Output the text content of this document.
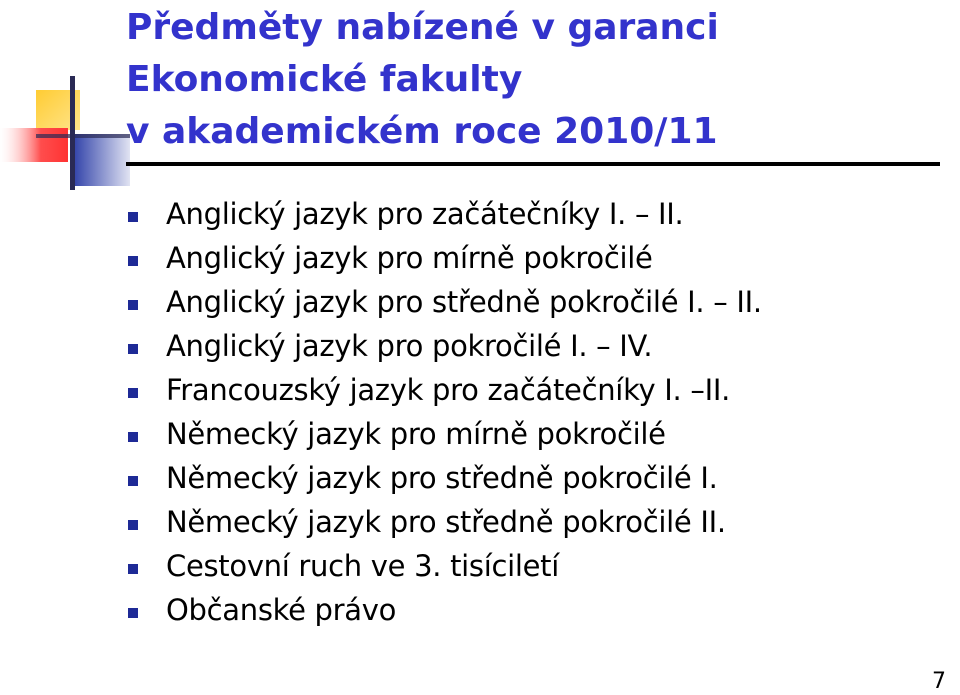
Předměty nabízené v garanci
Ekonomické fakulty
v akademickém roce 2010/11
Anglický jazyk pro začátečníky I. – II.
Anglický jazyk pro mírně pokročilé
Anglický jazyk pro středně pokročilé I. – II.
Anglický jazyk pro pokročilé I. – IV.
Francouzský jazyk pro začátečníky I. –II.
Německý jazyk pro mírně pokročilé
Německý jazyk pro středně pokročilé I.
Německý jazyk pro středně pokročilé II.
Cestovní ruch ve 3. tisíciletí
Občanské právo
7
